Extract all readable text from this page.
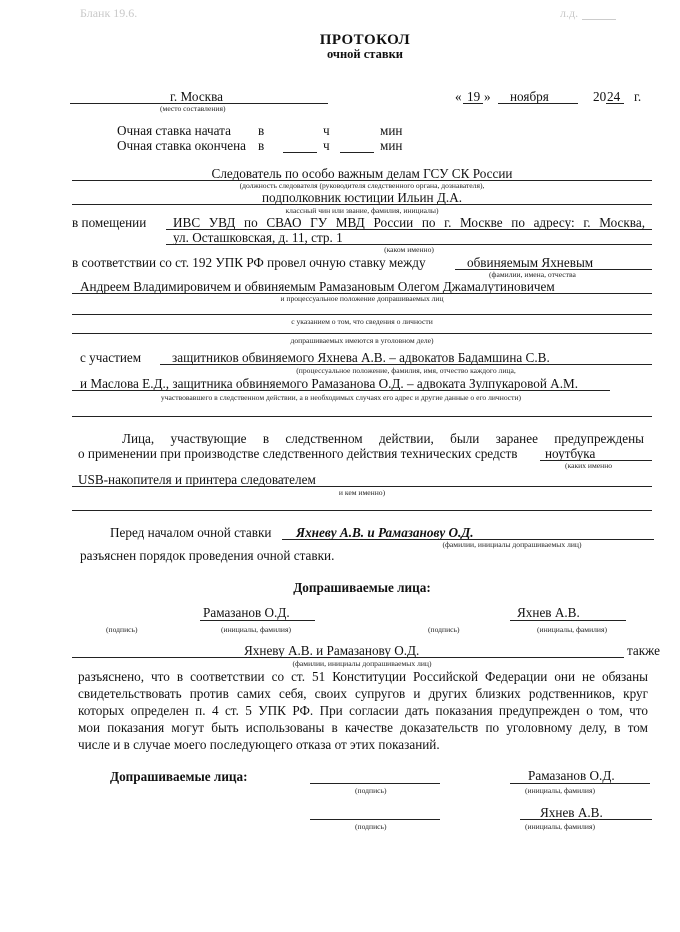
Бланк 19.6.	л.д.
ПРОТОКОЛ
очной ставки
г. Москва
(место составления)
« 19 » ноября	20 24 г.
Очная ставка начата в	ч	мин
Очная ставка окончена в	ч	мин
Следователь по особо важным делам ГСУ СК России
(должность следователя (руководителя следственного органа, дознавателя),
подполковник юстиции Ильин Д.А.
классный чин или звание, фамилия, инициалы)
в помещении ИВС УВД по СВАО ГУ МВД России по г. Москве по адресу: г. Москва,
ул. Осташковская, д. 11, стр. 1
(каком именно)
в соответствии со ст. 192 УПК РФ провел очную ставку между	обвиняемым Яхневым
(фамилии, имена, отчества
Андреем Владимировичем и обвиняемым Рамазановым Олегом Джамалутиновичем
и процессуальное положение допрашиваемых лиц
с указанием о том, что сведения о личности
допрашиваемых имеются в уголовном деле)
с участием защитников обвиняемого Яхнева А.В. – адвокатов Бадамшина С.В.
(процессуальное положение, фамилия, имя, отчество каждого лица,
и Маслова Е.Д., защитника обвиняемого Рамазанова О.Д. – адвоката Зулпукаровой А.М.
участвовавшего в следственном действии, а в необходимых случаях его адрес и другие данные о его личности)
Лица, участвующие в следственном действии, были заранее предупреждены
о применении при производстве следственного действия технических средств ноутбука
(каких именно
USB-накопителя и принтера следователем
и кем именно)
Перед началом очной ставки Яхневу А.В. и Рамазанову О.Д.
(фамилии, инициалы допрашиваемых лиц)
разъяснен порядок проведения очной ставки.
Допрашиваемые лица:
Рамазанов О.Д.	Яхнев А.В.
(подпись)	(инициалы, фамилия)	(подпись)	(инициалы, фамилия)
Яхневу А.В. и Рамазанову О.Д.	также
(фамилии, инициалы допрашиваемых лиц)
разъяснено, что в соответствии со ст. 51 Конституции Российской Федерации они не обязаны
свидетельствовать против самих себя, своих супругов и других близких родственников, круг
которых определен п. 4 ст. 5 УПК РФ. При согласии дать показания предупрежден о том, что
мои показания могут быть использованы в качестве доказательств по уголовному делу, в том
числе и в случае моего последующего отказа от этих показаний.
Допрашиваемые лица:	Рамазанов О.Д.
(подпись)	(инициалы, фамилия)
Яхнев А.В.
(подпись)	(инициалы, фамилия)
